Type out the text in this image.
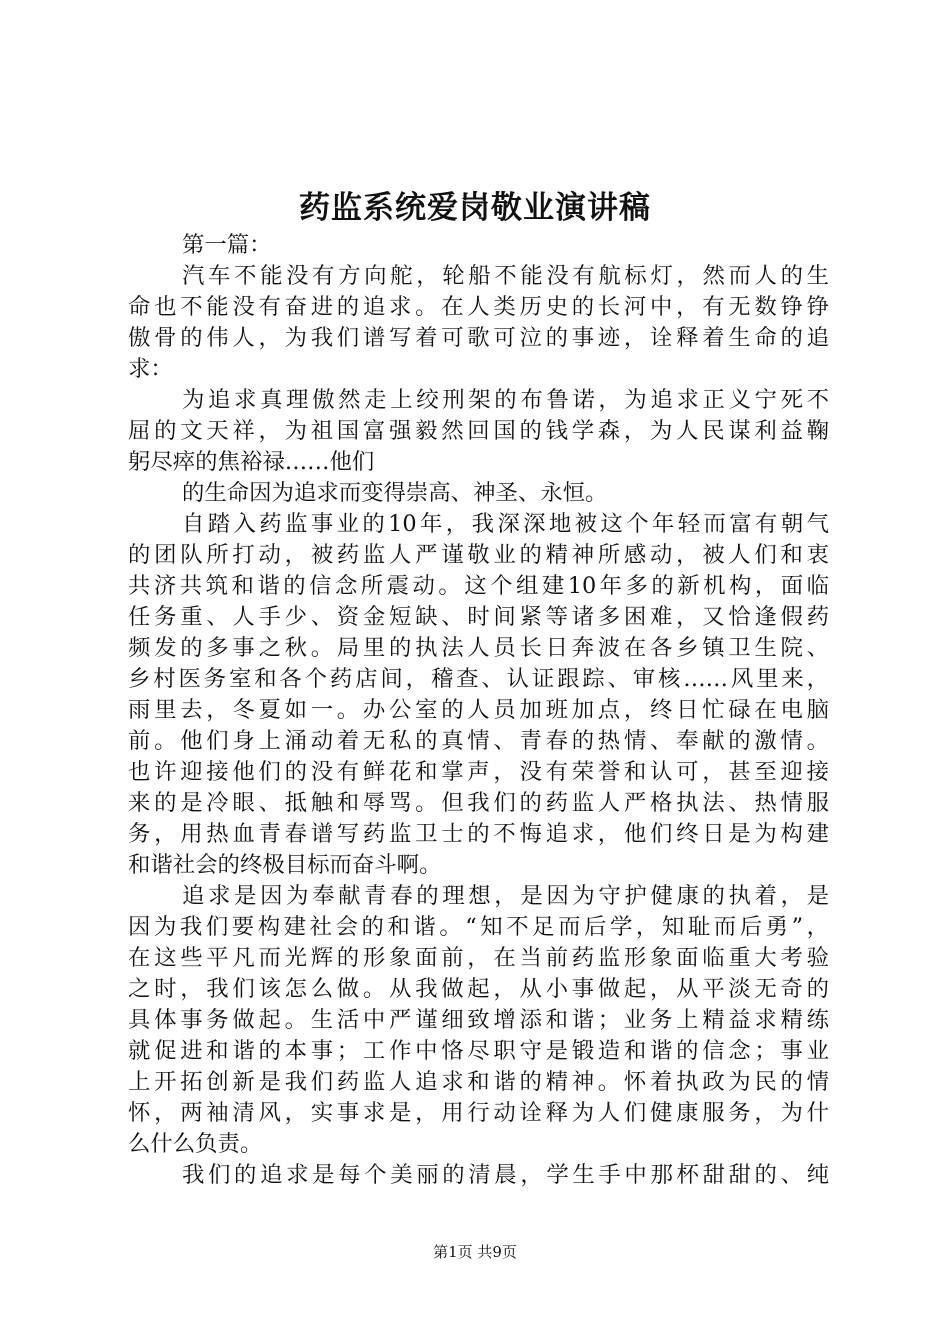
药监系统爱岗敬业演讲稿
第一篇：
汽车不能没有方向舵，轮船不能没有航标灯，然而人的生
命也不能没有奋进的追求。在人类历史的长河中，有无数铮铮
傲骨的伟人，为我们谱写着可歌可泣的事迹，诠释着生命的追
求：
为追求真理傲然走上绞刑架的布鲁诺，为追求正义宁死不
屈的文天祥，为祖国富强毅然回国的钱学森，为人民谋利益鞠
躬尽瘁的焦裕禄……他们
的生命因为追求而变得崇高、神圣、永恒。
自踏入药监事业的10年，我深深地被这个年轻而富有朝气
的团队所打动，被药监人严谨敬业的精神所感动，被人们和衷
共济共筑和谐的信念所震动。这个组建10年多的新机构，面临
任务重、人手少、资金短缺、时间紧等诸多困难，又恰逢假药
频发的多事之秋。局里的执法人员长日奔波在各乡镇卫生院、
乡村医务室和各个药店间，稽查、认证跟踪、审核……风里来，
雨里去，冬夏如一。办公室的人员加班加点，终日忙碌在电脑
前。他们身上涌动着无私的真情、青春的热情、奉献的激情。
也许迎接他们的没有鲜花和掌声，没有荣誉和认可，甚至迎接
来的是冷眼、抵触和辱骂。但我们的药监人严格执法、热情服
务，用热血青春谱写药监卫士的不悔追求，他们终日是为构建
和谐社会的终极目标而奋斗啊。
追求是因为奉献青春的理想，是因为守护健康的执着，是
因为我们要构建社会的和谐。“知不足而后学，知耻而后勇”，
在这些平凡而光辉的形象面前，在当前药监形象面临重大考验
之时，我们该怎么做。从我做起，从小事做起，从平淡无奇的
具体事务做起。生活中严谨细致增添和谐；业务上精益求精练
就促进和谐的本事；工作中恪尽职守是锻造和谐的信念；事业
上开拓创新是我们药监人追求和谐的精神。怀着执政为民的情
怀，两袖清风，实事求是，用行动诠释为人们健康服务，为什
么什么负责。
我们的追求是每个美丽的清晨，学生手中那杯甜甜的、纯
第1页 共9页
